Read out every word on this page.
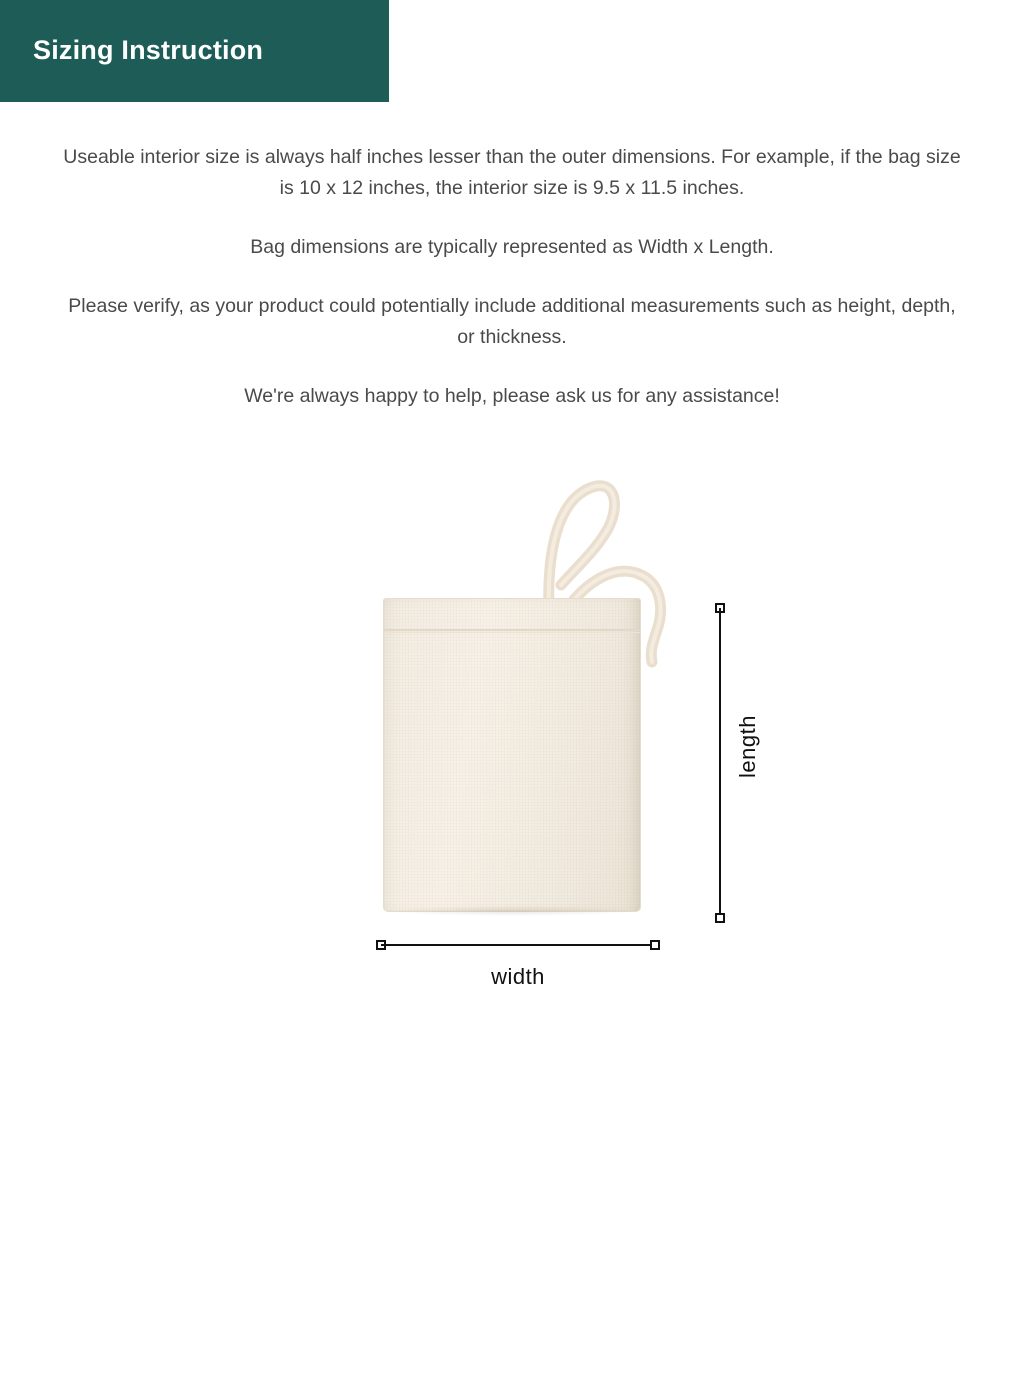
Sizing Instruction

Useable interior size is always half inches lesser than the outer dimensions. For example, if the bag size is 10 x 12 inches, the interior size is 9.5 x 11.5 inches.

Bag dimensions are typically represented as Width x Length.

Please verify, as your product could potentially include additional measurements such as height, depth, or thickness.

We're always happy to help, please ask us for any assistance!

length
width
